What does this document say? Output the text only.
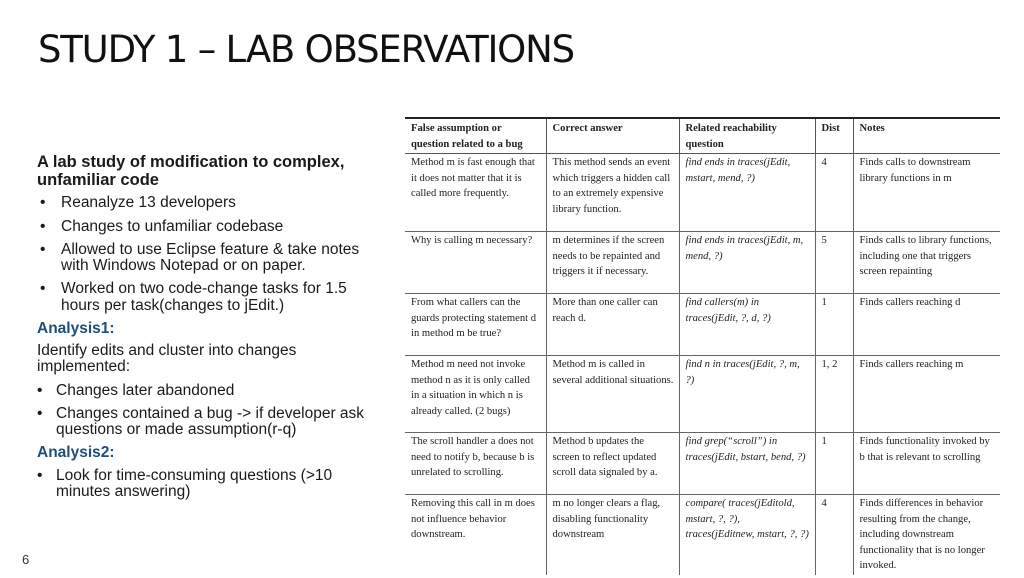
STUDY 1 – LAB OBSERVATIONS
A lab study of modification to complex, unfamiliar code
• Reanalyze 13 developers
• Changes to unfamiliar codebase
• Allowed to use Eclipse feature & take notes with Windows Notepad or on paper.
• Worked on two code-change tasks for 1.5 hours per task(changes to jEdit.)
Analysis1:
Identify edits and cluster into changes implemented:
• Changes later abandoned
• Changes contained a bug -> if developer ask questions or made assumption(r-q)
Analysis2:
• Look for time-consuming questions (>10 minutes answering)
6
False assumption or question related to a bug	Correct answer	Related reachability question	Dist	Notes
Method m is fast enough that it does not matter that it is called more frequently.	This method sends an event which triggers a hidden call to an extremely expensive library function.	find ends in traces(jEdit, mstart, mend, ?)	4	Finds calls to downstream library functions in m
Why is calling m necessary?	m determines if the screen needs to be repainted and triggers it if necessary.	find ends in traces(jEdit, m, mend, ?)	5	Finds calls to library functions, including one that triggers screen repainting
From what callers can the guards protecting statement d in method m be true?	More than one caller can reach d.	find callers(m) in traces(jEdit, ?, d, ?)	1	Finds callers reaching d
Method m need not invoke method n as it is only called in a situation in which n is already called. (2 bugs)	Method m is called in several additional situations.	find n in traces(jEdit, ?, m, ?)	1, 2	Finds callers reaching m
The scroll handler a does not need to notify b, because b is unrelated to scrolling.	Method b updates the screen to reflect updated scroll data signaled by a.	find grep(“scroll”) in traces(jEdit, bstart, bend, ?)	1	Finds functionality invoked by b that is relevant to scrolling
Removing this call in m does not influence behavior downstream.	m no longer clears a flag, disabling functionality downstream	compare( traces(jEditold, mstart, ?, ?), traces(jEditnew, mstart, ?, ?)	4	Finds differences in behavior resulting from the change, including downstream functionality that is no longer invoked.
